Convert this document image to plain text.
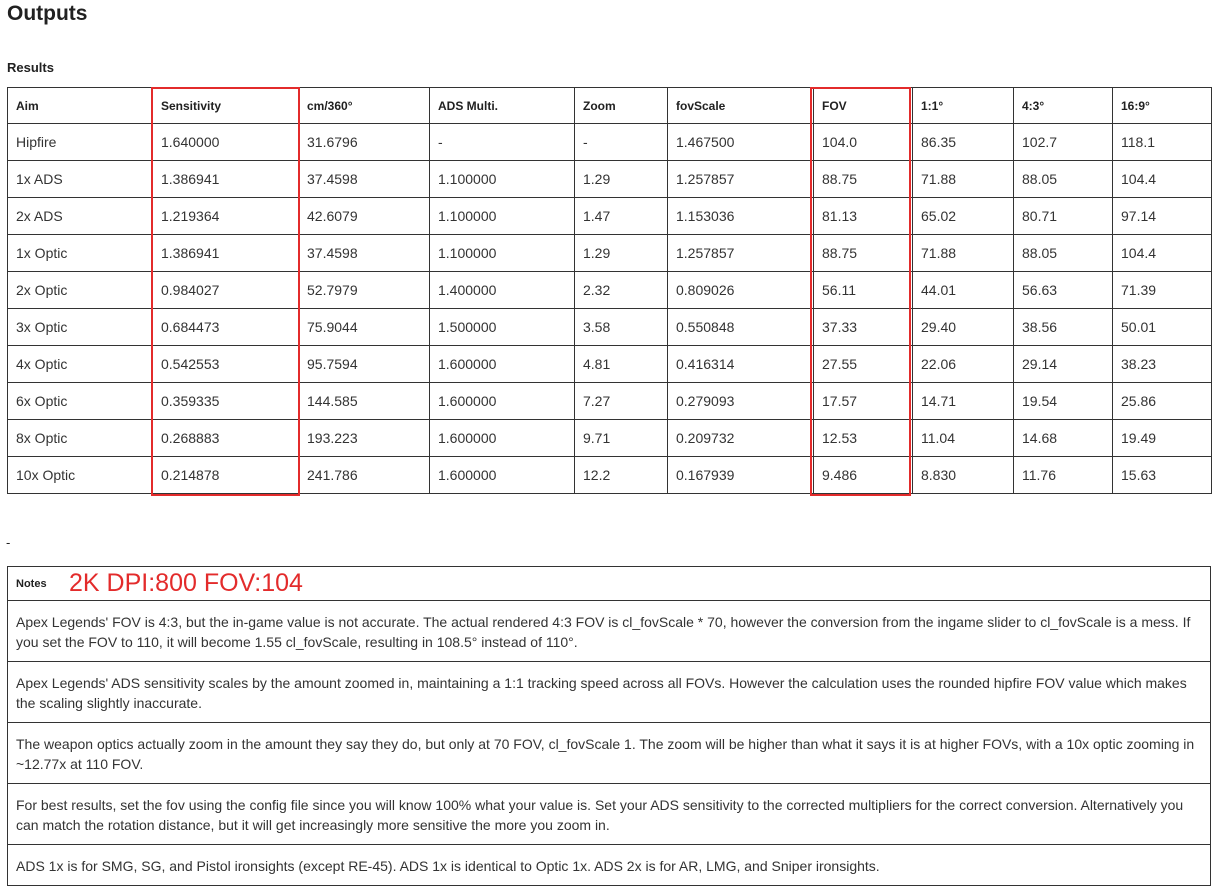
Outputs
Results
Aim	Sensitivity	cm/360°	ADS Multi.	Zoom	fovScale	FOV	1:1°	4:3°	16:9°
Hipfire	1.640000	31.6796	-	-	1.467500	104.0	86.35	102.7	118.1
1x ADS	1.386941	37.4598	1.100000	1.29	1.257857	88.75	71.88	88.05	104.4
2x ADS	1.219364	42.6079	1.100000	1.47	1.153036	81.13	65.02	80.71	97.14
1x Optic	1.386941	37.4598	1.100000	1.29	1.257857	88.75	71.88	88.05	104.4
2x Optic	0.984027	52.7979	1.400000	2.32	0.809026	56.11	44.01	56.63	71.39
3x Optic	0.684473	75.9044	1.500000	3.58	0.550848	37.33	29.40	38.56	50.01
4x Optic	0.542553	95.7594	1.600000	4.81	0.416314	27.55	22.06	29.14	38.23
6x Optic	0.359335	144.585	1.600000	7.27	0.279093	17.57	14.71	19.54	25.86
8x Optic	0.268883	193.223	1.600000	9.71	0.209732	12.53	11.04	14.68	19.49
10x Optic	0.214878	241.786	1.600000	12.2	0.167939	9.486	8.830	11.76	15.63
-
Notes 2K DPI:800 FOV:104
Apex Legends' FOV is 4:3, but the in-game value is not accurate. The actual rendered 4:3 FOV is cl_fovScale * 70, however the conversion from the ingame slider to cl_fovScale is a mess. If you set the FOV to 110, it will become 1.55 cl_fovScale, resulting in 108.5° instead of 110°.
Apex Legends' ADS sensitivity scales by the amount zoomed in, maintaining a 1:1 tracking speed across all FOVs. However the calculation uses the rounded hipfire FOV value which makes the scaling slightly inaccurate.
The weapon optics actually zoom in the amount they say they do, but only at 70 FOV, cl_fovScale 1. The zoom will be higher than what it says it is at higher FOVs, with a 10x optic zooming in ~12.77x at 110 FOV.
For best results, set the fov using the config file since you will know 100% what your value is. Set your ADS sensitivity to the corrected multipliers for the correct conversion. Alternatively you can match the rotation distance, but it will get increasingly more sensitive the more you zoom in.
ADS 1x is for SMG, SG, and Pistol ironsights (except RE-45). ADS 1x is identical to Optic 1x. ADS 2x is for AR, LMG, and Sniper ironsights.
